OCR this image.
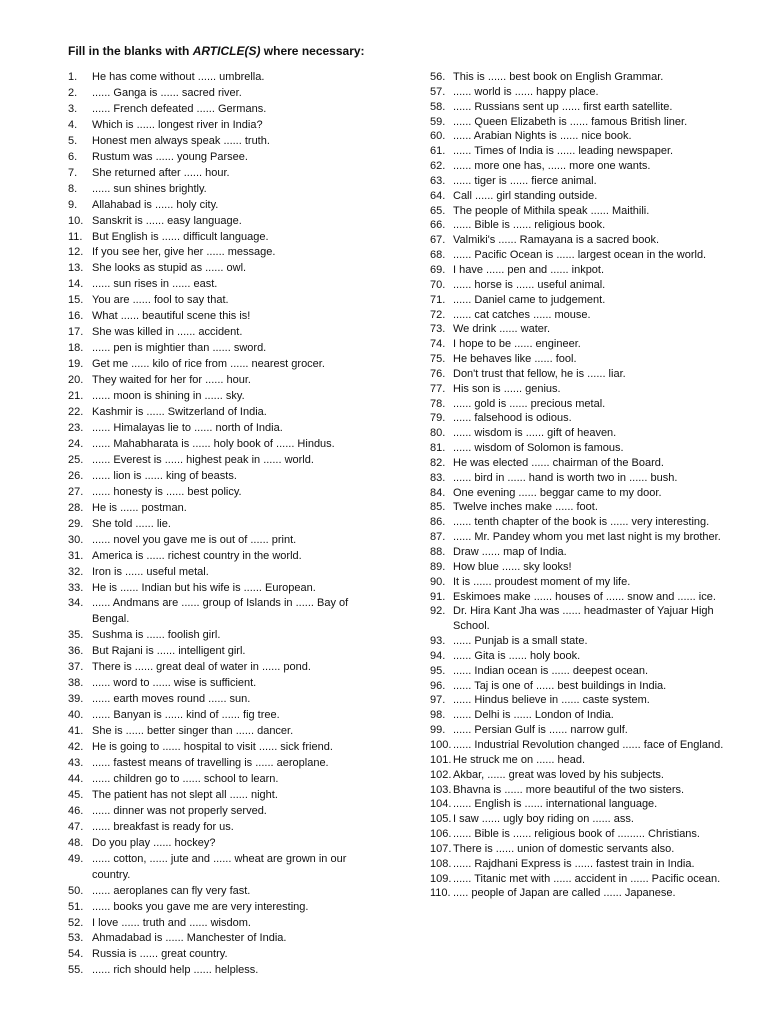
Fill in the blanks with ARTICLE(S) where necessary:
1.	He has come without ...... umbrella.
2.	...... Ganga is ...... sacred river.
3.	...... French defeated ...... Germans.
4.	Which is ...... longest river in India?
5.	Honest men always speak ...... truth.
6.	Rustum was ...... young Parsee.
7.	She returned after ...... hour.
8.	...... sun shines brightly.
9.	Allahabad is ...... holy city.
10. Sanskrit is ...... easy language.
11. But English is ...... difficult language.
12. If you see her, give her ...... message.
13. She looks as stupid as ...... owl.
14. ...... sun rises in ...... east.
15. You are ...... fool to say that.
16. What ...... beautiful scene this is!
17. She was killed in ...... accident.
18. ...... pen is mightier than ...... sword.
19. Get me ...... kilo of rice from ...... nearest grocer.
20. They waited for her for ...... hour.
21. ...... moon is shining in ...... sky.
22. Kashmir is ...... Switzerland of India.
23. ...... Himalayas lie to ...... north of India.
24. ...... Mahabharata is ...... holy book of ...... Hindus.
25. ...... Everest is ...... highest peak in ...... world.
26. ...... lion is ...... king of beasts.
27. ...... honesty is ...... best policy.
28. He is ...... postman.
29. She told ...... lie.
30. ...... novel you gave me is out of ...... print.
31. America is ...... richest country in the world.
32. Iron is ...... useful metal.
33. He is ...... Indian but his wife is ...... European.
34. ...... Andmans are ...... group of Islands in ...... Bay of Bengal.
35. Sushma is ...... foolish girl.
36. But Rajani is ...... intelligent girl.
37. There is ...... great deal of water in ...... pond.
38. ...... word to ...... wise is sufficient.
39. ...... earth moves round ...... sun.
40. ...... Banyan is ...... kind of ...... fig tree.
41. She is ...... better singer than ...... dancer.
42. He is going to ...... hospital to visit ...... sick friend.
43. ...... fastest means of travelling is ...... aeroplane.
44. ...... children go to ...... school to learn.
45. The patient has not slept all ...... night.
46. ...... dinner was not properly served.
47. ...... breakfast is ready for us.
48. Do you play ...... hockey?
49. ...... cotton, ...... jute and ...... wheat are grown in our country.
50. ...... aeroplanes can fly very fast.
51. ...... books you gave me are very interesting.
52. I love ...... truth and ...... wisdom.
53. Ahmadabad is ...... Manchester of India.
54. Russia is ...... great country.
55. ...... rich should help ...... helpless.
56. This is ...... best book on English Grammar.
57. ...... world is ...... happy place.
58. ...... Russians sent up ...... first earth satellite.
59. ...... Queen Elizabeth is ...... famous British liner.
60. ...... Arabian Nights is ...... nice book.
61. ...... Times of India is ...... leading newspaper.
62. ...... more one has, ...... more one wants.
63. ...... tiger is ...... fierce animal.
64. Call ...... girl standing outside.
65. The people of Mithila speak ...... Maithili.
66. ...... Bible is ...... religious book.
67. Valmiki's ...... Ramayana is a sacred book.
68. ...... Pacific Ocean is ...... largest ocean in the world.
69. I have ...... pen and ...... inkpot.
70. ...... horse is ...... useful animal.
71. ...... Daniel came to judgement.
72. ...... cat catches ...... mouse.
73. We drink ...... water.
74. I hope to be ...... engineer.
75. He behaves like ...... fool.
76. Don't trust that fellow, he is ...... liar.
77. His son is ...... genius.
78. ...... gold is ...... precious metal.
79. ...... falsehood is odious.
80. ...... wisdom is ...... gift of heaven.
81. ...... wisdom of Solomon is famous.
82. He was elected ...... chairman of the Board.
83. ...... bird in ...... hand is worth two in ...... bush.
84. One evening ...... beggar came to my door.
85. Twelve inches make ...... foot.
86. ...... tenth chapter of the book is ...... very interesting.
87. ...... Mr. Pandey whom you met last night is my brother.
88. Draw ...... map of India.
89. How blue ...... sky looks!
90. It is ...... proudest moment of my life.
91. Eskimoes make ...... houses of ...... snow and ...... ice.
92. Dr. Hira Kant Jha was ...... headmaster of Yajuar High School.
93. ...... Punjab is a small state.
94. ...... Gita is ...... holy book.
95. ...... Indian ocean is ...... deepest ocean.
96. ...... Taj is one of ...... best buildings in India.
97. ...... Hindus believe in ...... caste system.
98. ...... Delhi is ...... London of India.
99. ...... Persian Gulf is ...... narrow gulf.
100. ...... Industrial Revolution changed ...... face of England.
101. He struck me on ...... head.
102. Akbar, ...... great was loved by his subjects.
103. Bhavna is ...... more beautiful of the two sisters.
104. ...... English is ...... international language.
105. I saw ...... ugly boy riding on ...... ass.
106. ...... Bible is ...... religious book of ......... Christians.
107. There is ...... union of domestic servants also.
108. ...... Rajdhani Express is ...... fastest train in India.
109. ...... Titanic met with ...... accident in ...... Pacific ocean.
110. ..... people of Japan are called ...... Japanese.
